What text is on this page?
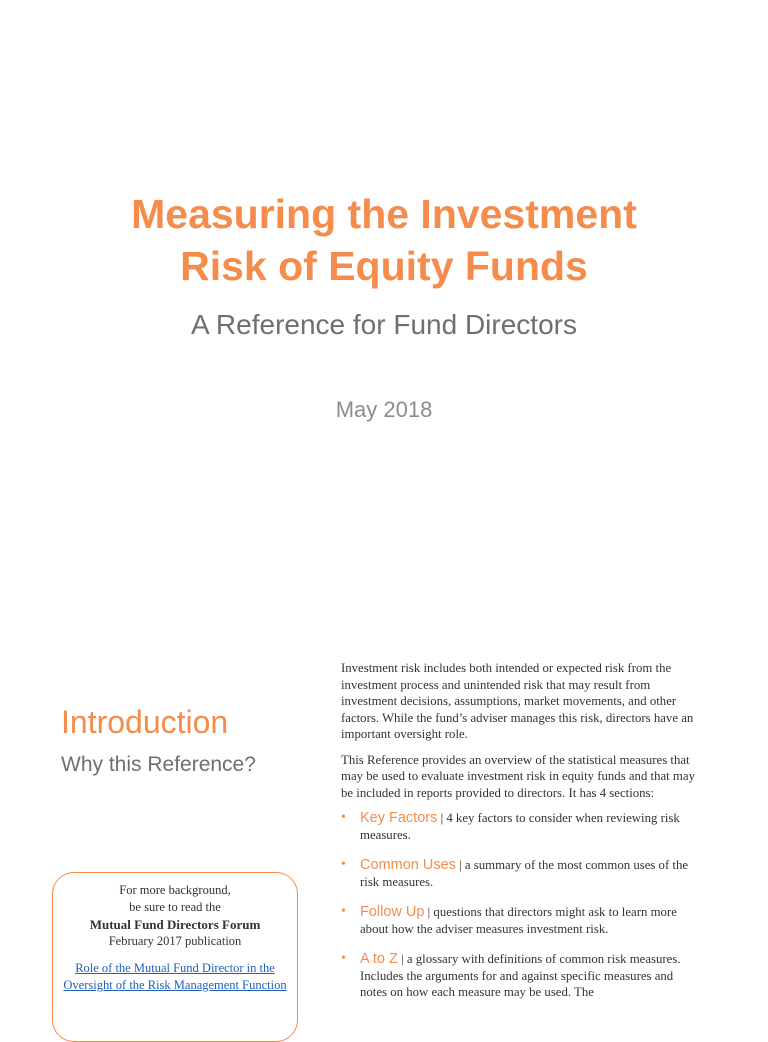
Measuring the Investment
Risk of Equity Funds
A Reference for Fund Directors
May 2018
Introduction
Why this Reference?
For more background,
be sure to read the
Mutual Fund Directors Forum
February 2017 publication
Role of the Mutual Fund Director in the Oversight of the Risk Management Function

Investment risk includes both intended or expected risk from the investment process and unintended risk that may result from investment decisions, assumptions, market movements, and other factors. While the fund’s adviser manages this risk, directors have an important oversight role.

This Reference provides an overview of the statistical measures that may be used to evaluate investment risk in equity funds and that may be included in reports provided to directors. It has 4 sections:

• Key Factors | 4 key factors to consider when reviewing risk measures.
• Common Uses | a summary of the most common uses of the risk measures.
• Follow Up | questions that directors might ask to learn more about how the adviser measures investment risk.
• A to Z | a glossary with definitions of common risk measures. Includes the arguments for and against specific measures and notes on how each measure may be used. The
